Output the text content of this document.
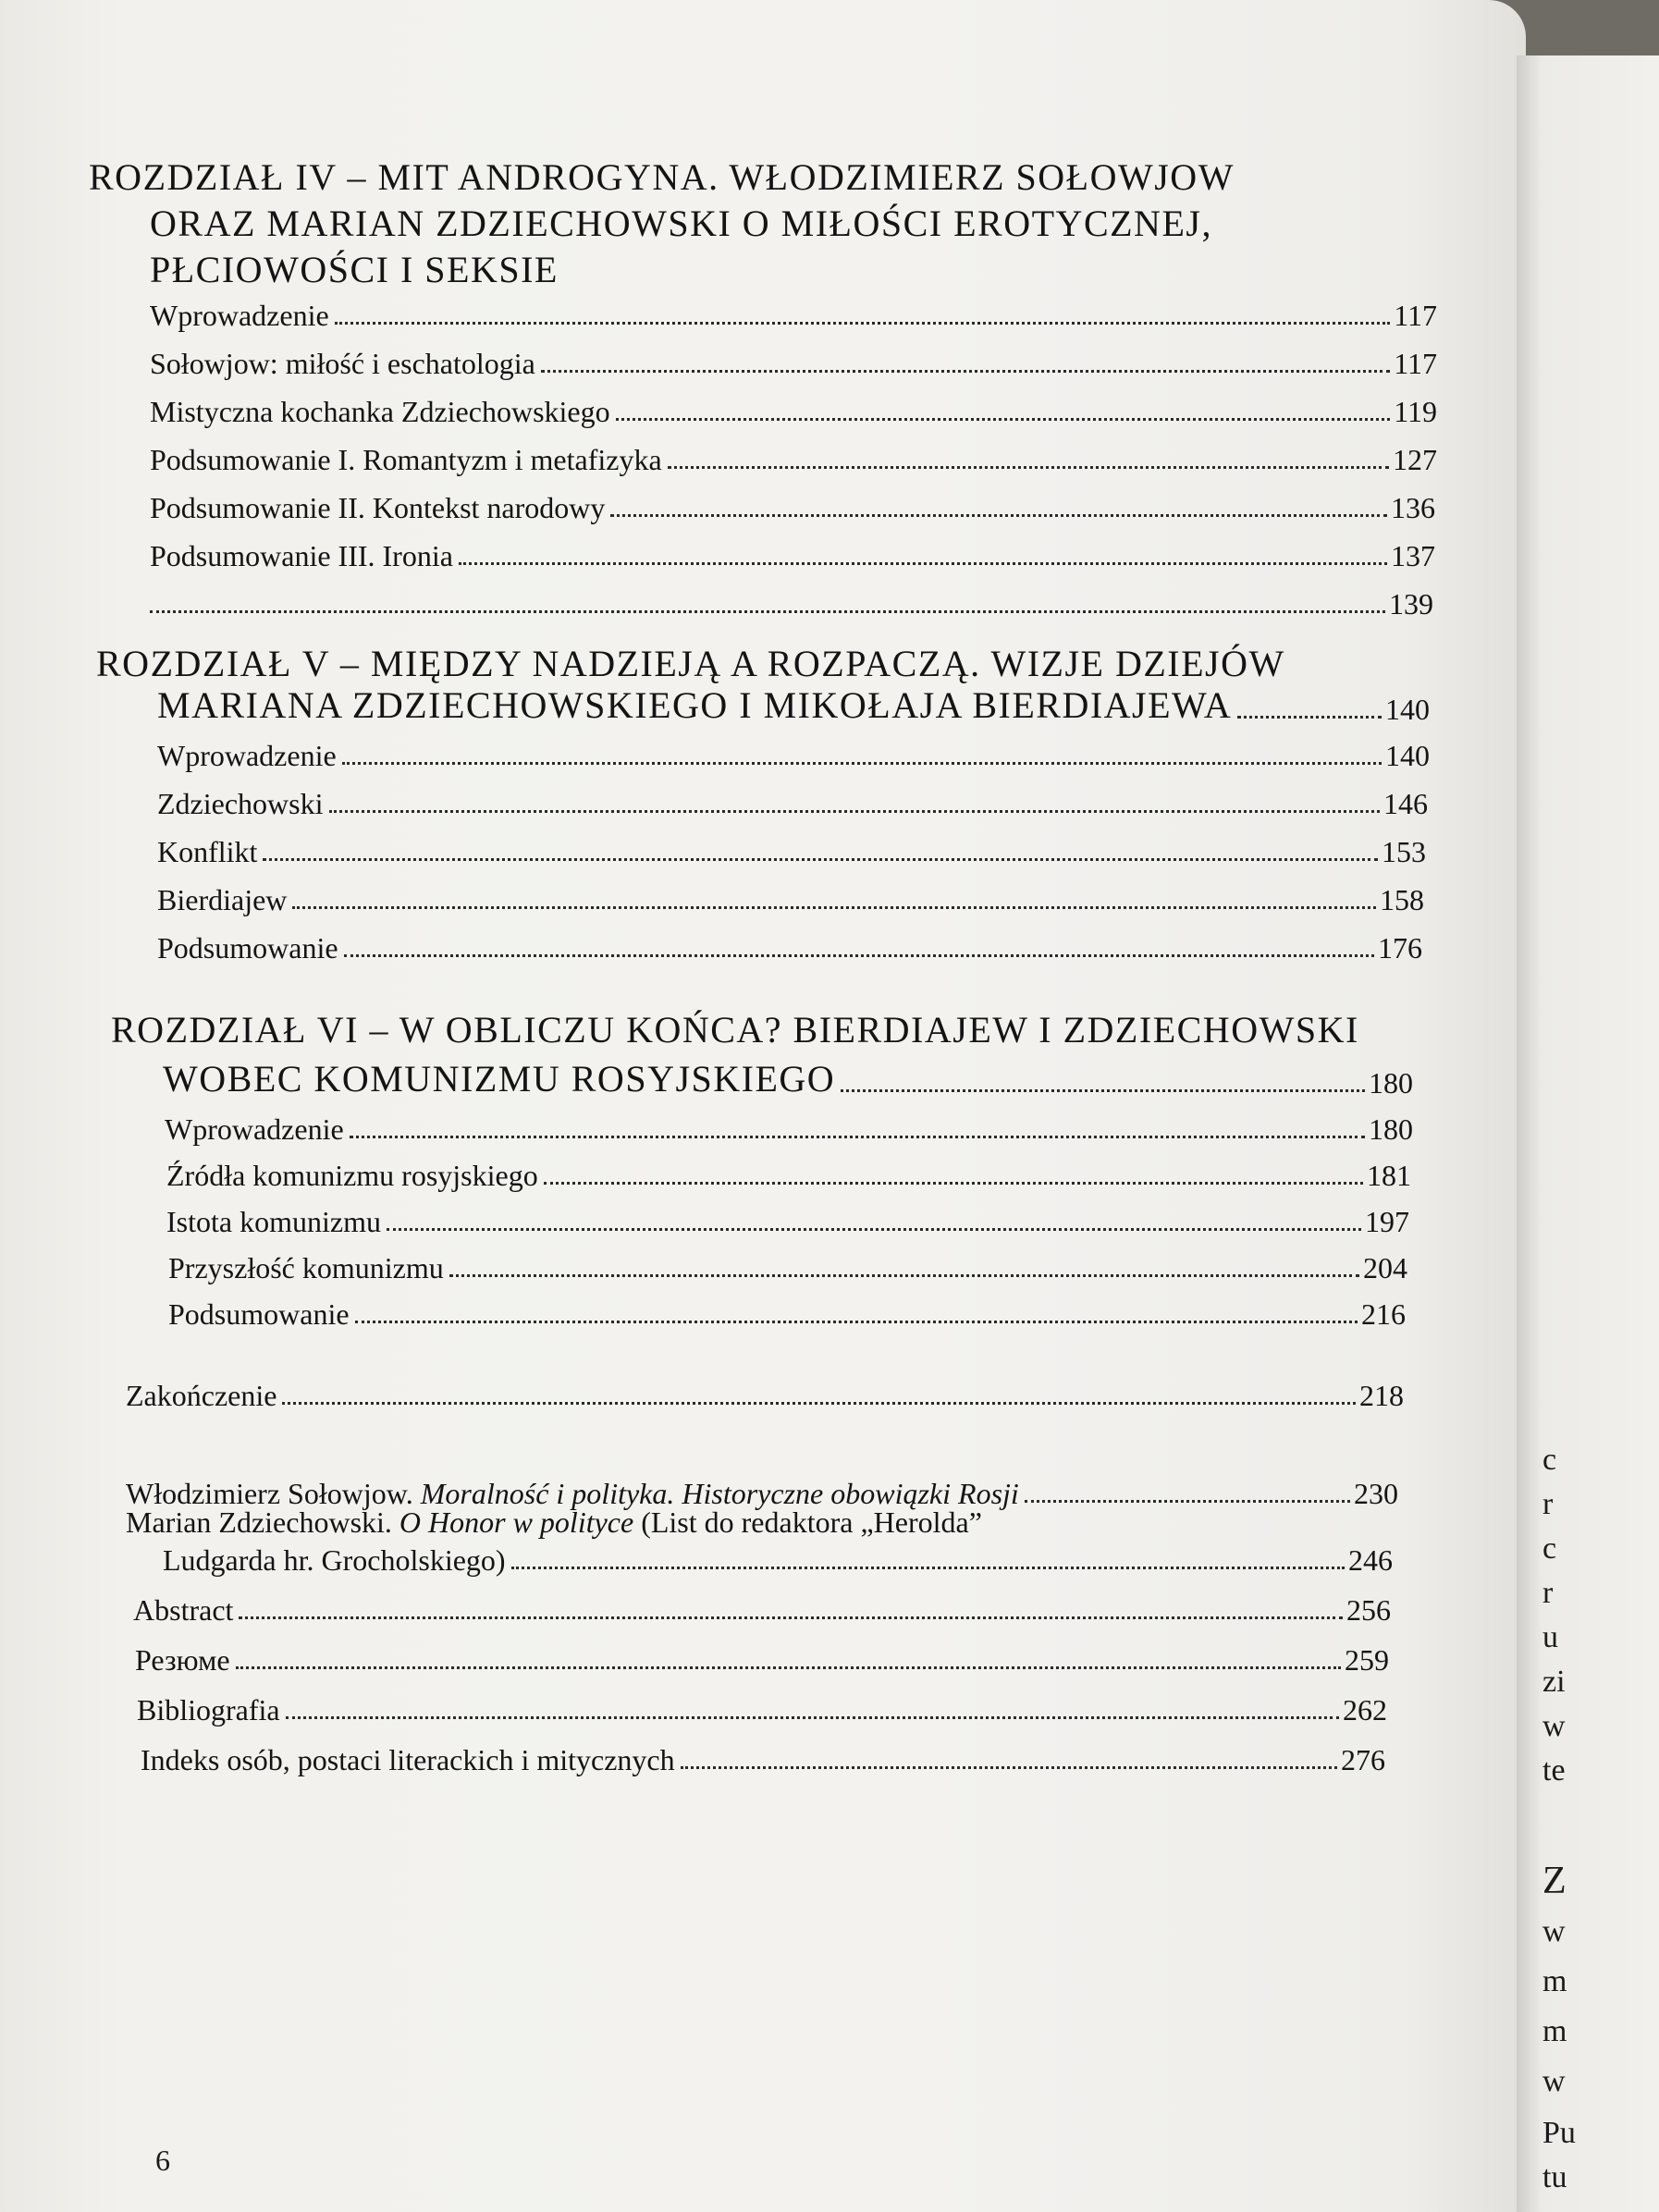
c
r
c
r
u
zi
w
te
Z
w
m
m
w
Pu
tu
ROZDZIAŁ IV – MIT ANDROGYNA. WŁODZIMIERZ SOŁOWJOW
ORAZ MARIAN ZDZIECHOWSKI O MIŁOŚCI EROTYCZNEJ,
PŁCIOWOŚCI I SEKSIE
Wprowadzenie	117
Sołowjow: miłość i eschatologia	117
Mistyczna kochanka Zdziechowskiego	119
Podsumowanie I. Romantyzm i metafizyka	127
Podsumowanie II. Kontekst narodowy	136
Podsumowanie III. Ironia	137
139
ROZDZIAŁ V – MIĘDZY NADZIEJĄ A ROZPACZĄ. WIZJE DZIEJÓW
MARIANA ZDZIECHOWSKIEGO I MIKOŁAJA BIERDIAJEWA	140
Wprowadzenie	140
Zdziechowski	146
Konflikt	153
Bierdiajew	158
Podsumowanie	176
ROZDZIAŁ VI – W OBLICZU KOŃCA? BIERDIAJEW I ZDZIECHOWSKI
WOBEC KOMUNIZMU ROSYJSKIEGO	180
Wprowadzenie	180
Źródła komunizmu rosyjskiego	181
Istota komunizmu	197
Przyszłość komunizmu	204
Podsumowanie	216
Zakończenie	218
Włodzimierz Sołowjow. Moralność i polityka. Historyczne obowiązki Rosji	230
Marian Zdziechowski. O Honor w polityce (List do redaktora „Herolda”
Ludgarda hr. Grocholskiego)	246
Abstract	256
Резюме	259
Bibliografia	262
Indeks osób, postaci literackich i mitycznych	276
6
